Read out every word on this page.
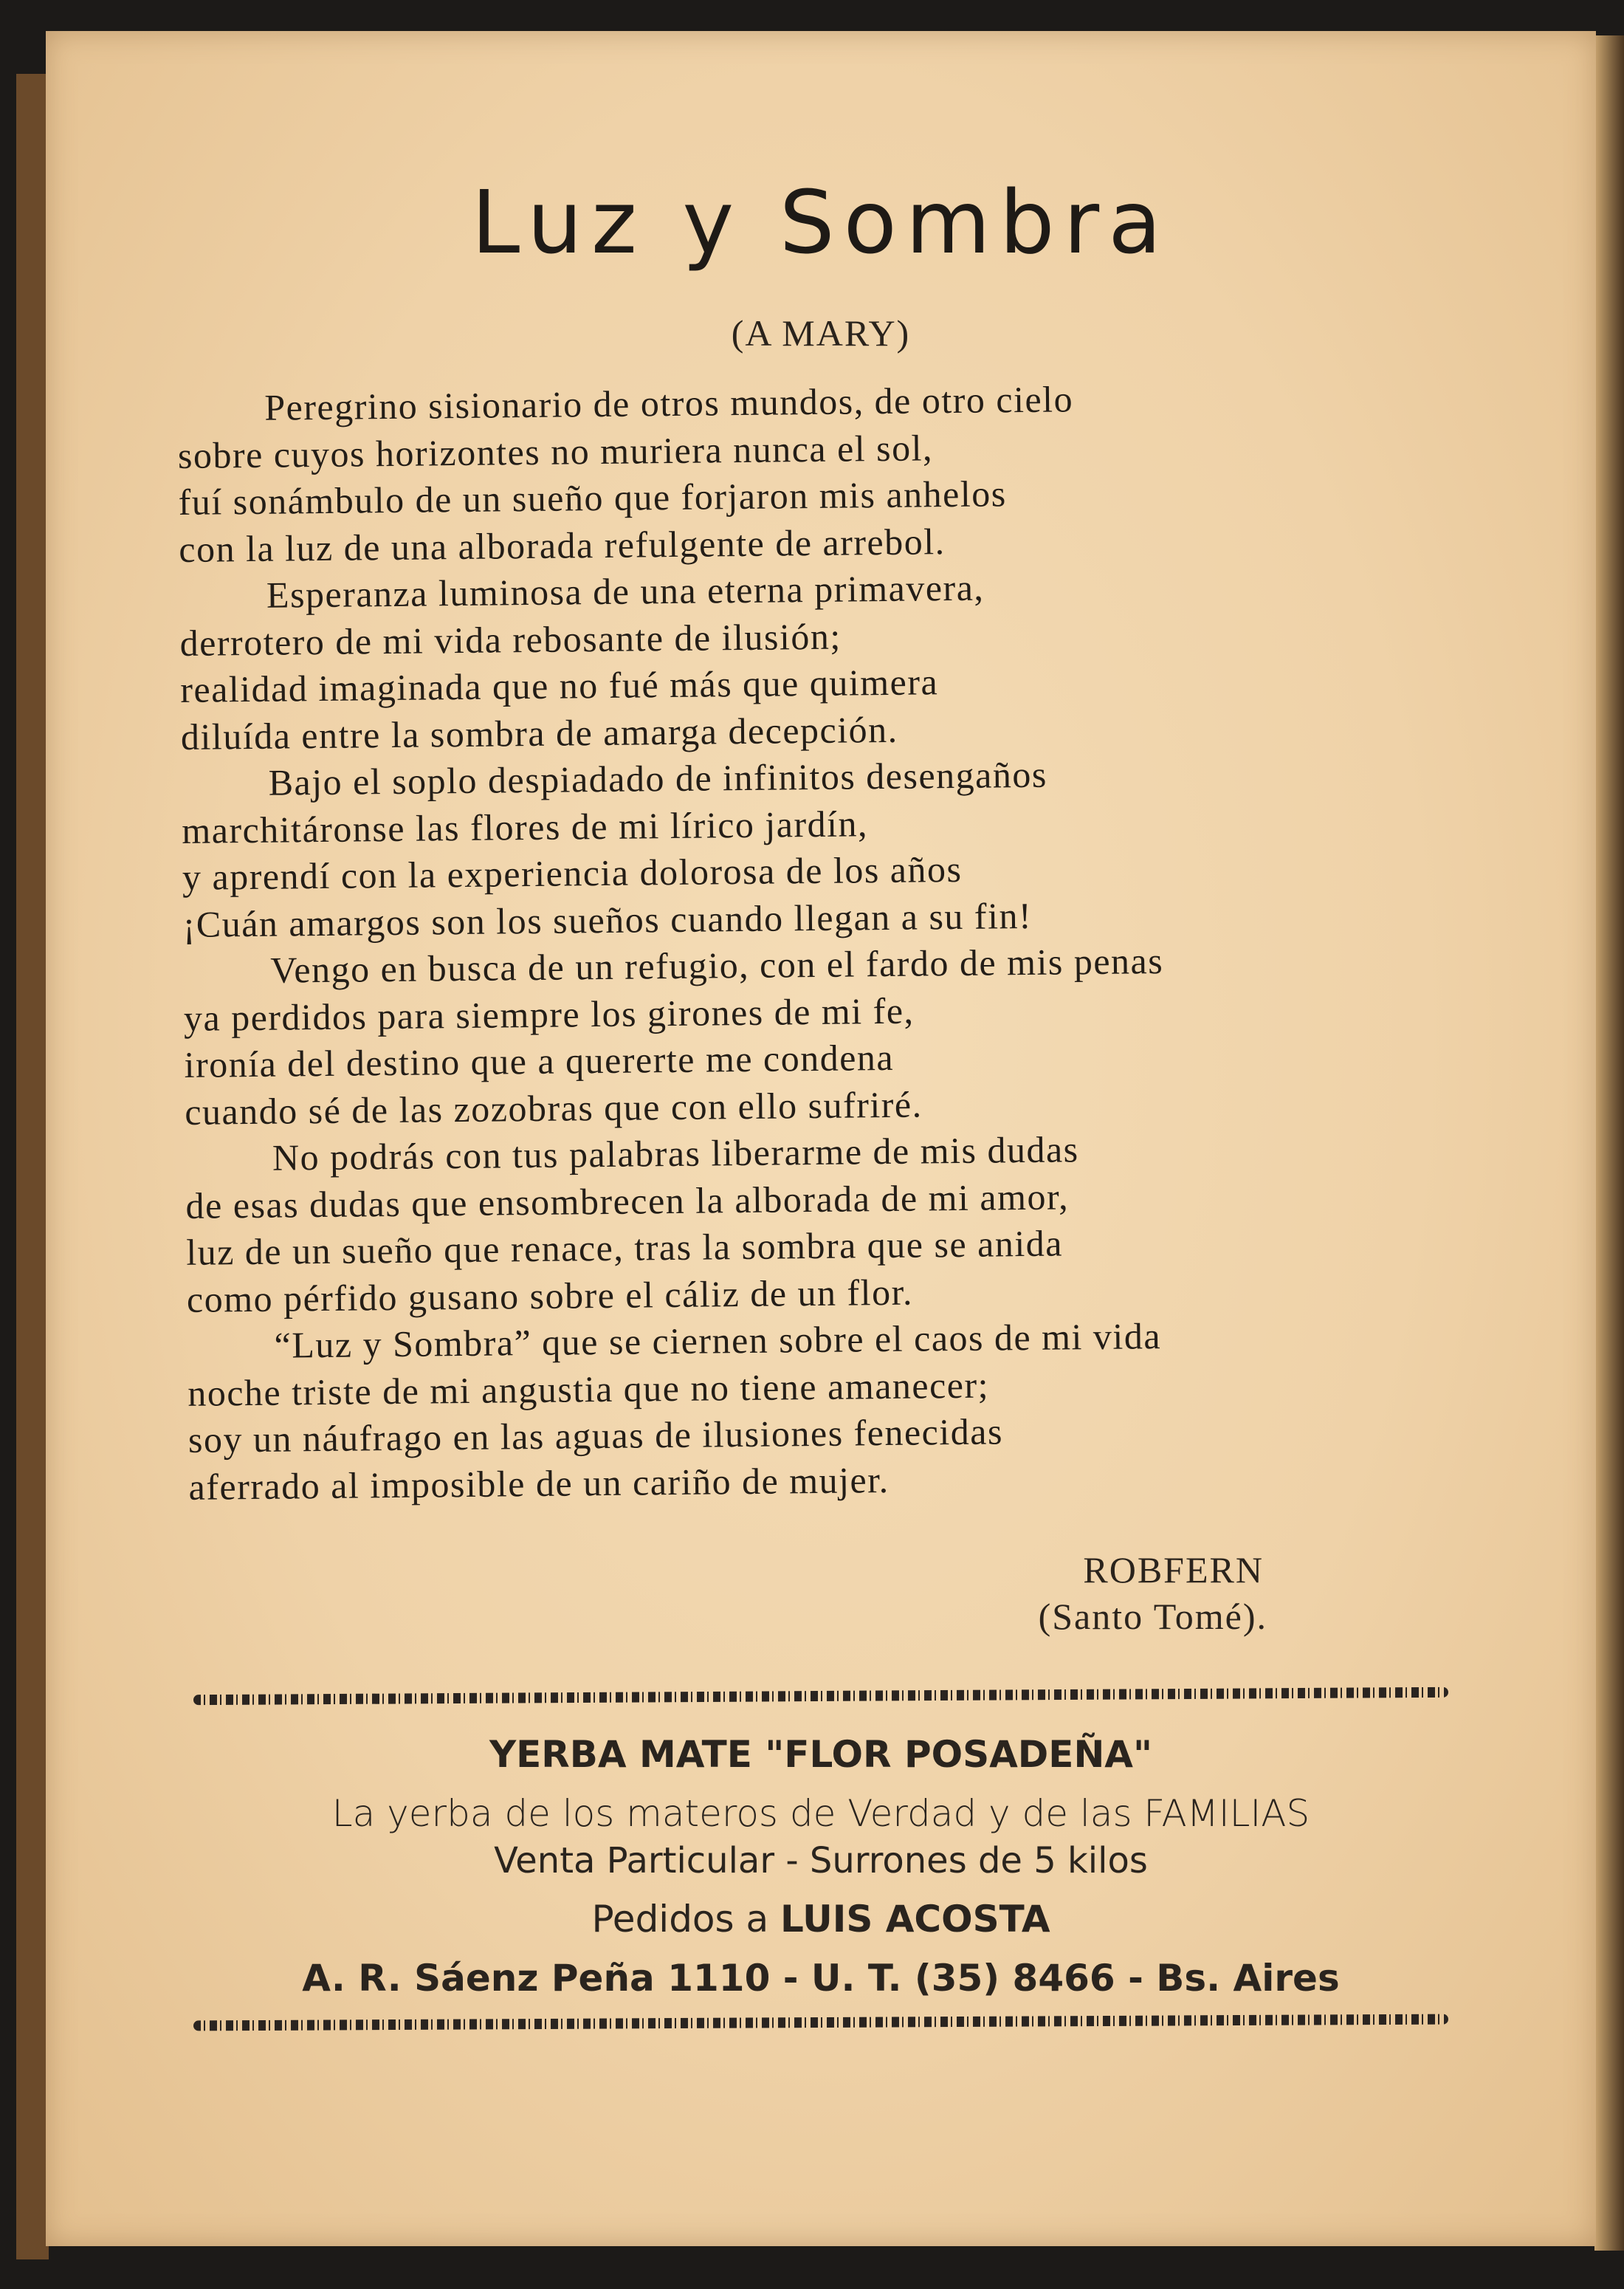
Luz y Sombra
(A MARY)
Peregrino sisionario de otros mundos, de otro cielo
sobre cuyos horizontes no muriera nunca el sol,
fuí sonámbulo de un sueño que forjaron mis anhelos
con la luz de una alborada refulgente de arrebol.
Esperanza luminosa de una eterna primavera,
derrotero de mi vida rebosante de ilusión;
realidad imaginada que no fué más que quimera
diluída entre la sombra de amarga decepción.
Bajo el soplo despiadado de infinitos desengaños
marchitáronse las flores de mi lírico jardín,
y aprendí con la experiencia dolorosa de los años
¡Cuán amargos son los sueños cuando llegan a su fin!
Vengo en busca de un refugio, con el fardo de mis penas
ya perdidos para siempre los girones de mi fe,
ironía del destino que a quererte me condena
cuando sé de las zozobras que con ello sufriré.
No podrás con tus palabras liberarme de mis dudas
de esas dudas que ensombrecen la alborada de mi amor,
luz de un sueño que renace, tras la sombra que se anida
como pérfido gusano sobre el cáliz de un flor.
“Luz y Sombra” que se ciernen sobre el caos de mi vida
noche triste de mi angustia que no tiene amanecer;
soy un náufrago en las aguas de ilusiones fenecidas
aferrado al imposible de un cariño de mujer.
ROBFERN
(Santo Tomé).
YERBA MATE "FLOR POSADEÑA"
La yerba de los materos de Verdad y de las FAMILIAS
Venta Particular - Surrones de 5 kilos
Pedidos a LUIS ACOSTA
A. R. Sáenz Peña 1110 - U. T. (35) 8466 - Bs. Aires
